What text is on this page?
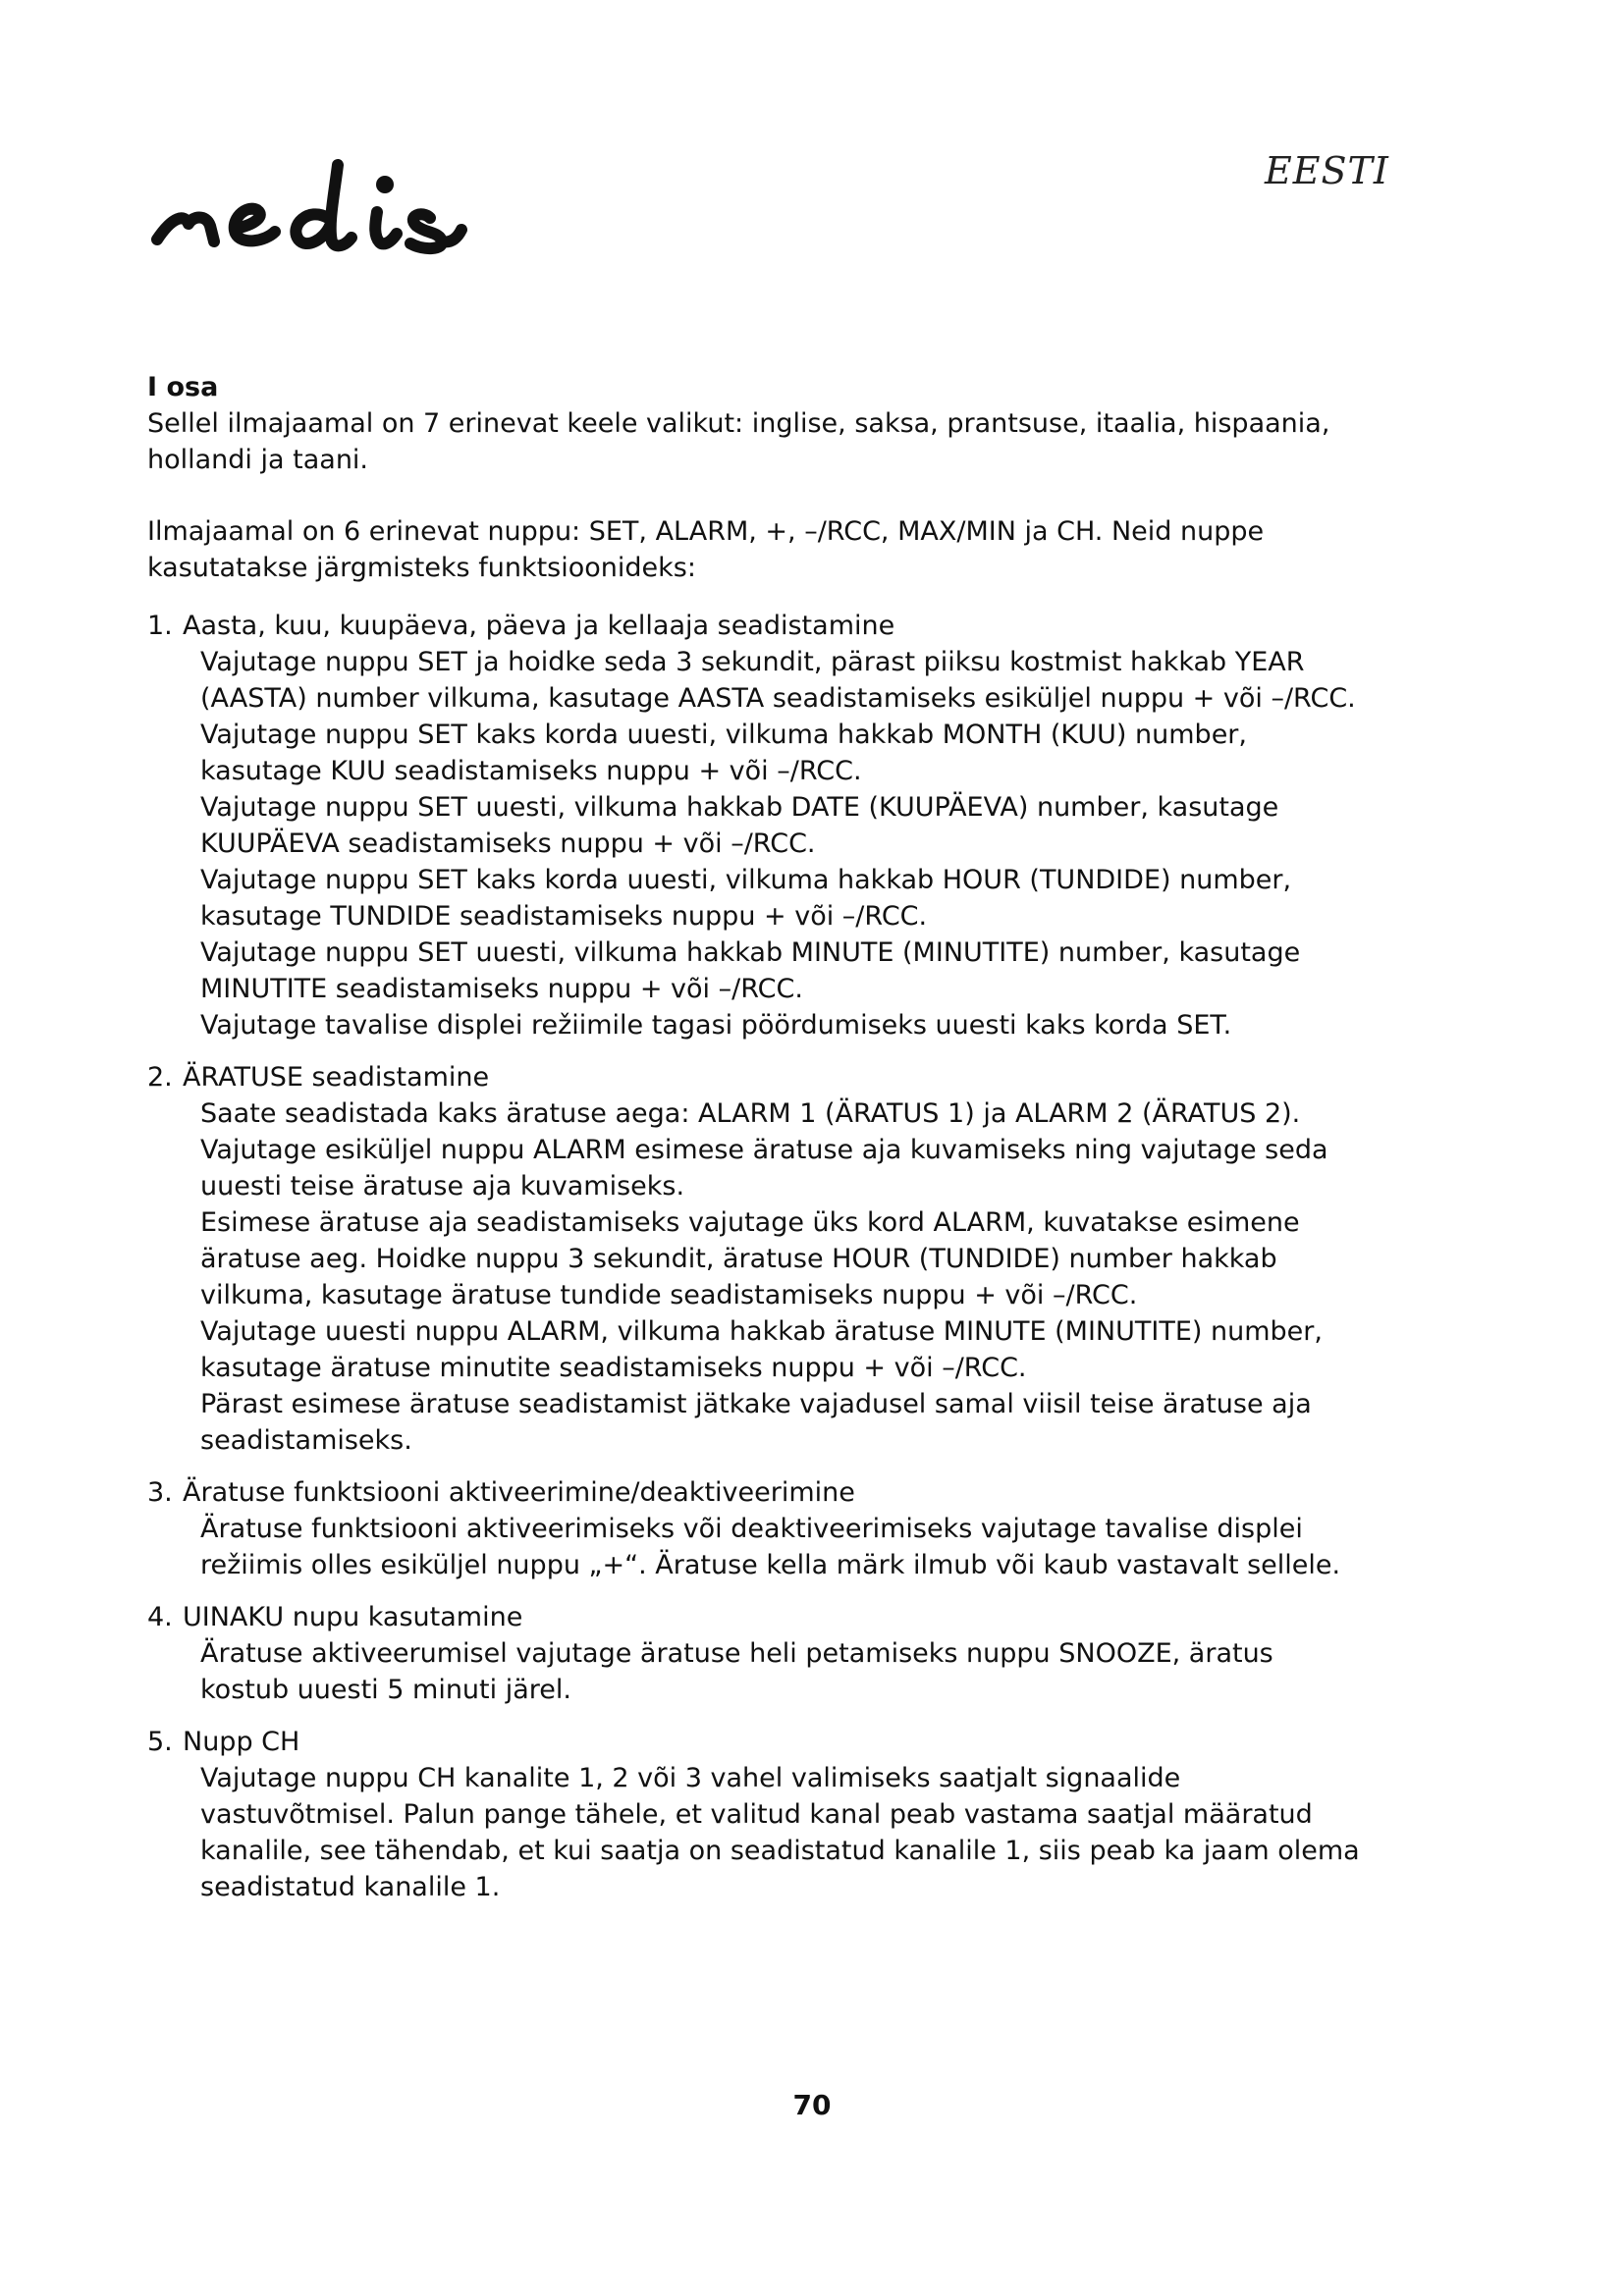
EESTI
I osa

Sellel ilmajaamal on 7 erinevat keele valikut: inglise, saksa, prantsuse, itaalia, hispaania, hollandi ja taani.

Ilmajaamal on 6 erinevat nuppu: SET, ALARM, +, –/RCC, MAX/MIN ja CH. Neid nuppe kasutatakse järgmisteks funktsioonideks:

1. Aasta, kuu, kuupäeva, päeva ja kellaaja seadistamine

Vajutage nuppu SET ja hoidke seda 3 sekundit, pärast piiksu kostmist hakkab YEAR (AASTA) number vilkuma, kasutage AASTA seadistamiseks esiküljel nuppu + või –/RCC.

Vajutage nuppu SET kaks korda uuesti, vilkuma hakkab MONTH (KUU) number, kasutage KUU seadistamiseks nuppu + või –/RCC.

Vajutage nuppu SET uuesti, vilkuma hakkab DATE (KUUPÄEVA) number, kasutage KUUPÄEVA seadistamiseks nuppu + või –/RCC.

Vajutage nuppu SET kaks korda uuesti, vilkuma hakkab HOUR (TUNDIDE) number, kasutage TUNDIDE seadistamiseks nuppu + või –/RCC.

Vajutage nuppu SET uuesti, vilkuma hakkab MINUTE (MINUTITE) number, kasutage MINUTITE seadistamiseks nuppu + või –/RCC.

Vajutage tavalise displei režiimile tagasi pöördumiseks uuesti kaks korda SET.

2. ÄRATUSE seadistamine

Saate seadistada kaks äratuse aega: ALARM 1 (ÄRATUS 1) ja ALARM 2 (ÄRATUS 2).

Vajutage esiküljel nuppu ALARM esimese äratuse aja kuvamiseks ning vajutage seda uuesti teise äratuse aja kuvamiseks.

Esimese äratuse aja seadistamiseks vajutage üks kord ALARM, kuvatakse esimene äratuse aeg. Hoidke nuppu 3 sekundit, äratuse HOUR (TUNDIDE) number hakkab vilkuma, kasutage äratuse tundide seadistamiseks nuppu + või –/RCC.

Vajutage uuesti nuppu ALARM, vilkuma hakkab äratuse MINUTE (MINUTITE) number, kasutage äratuse minutite seadistamiseks nuppu + või –/RCC.

Pärast esimese äratuse seadistamist jätkake vajadusel samal viisil teise äratuse aja seadistamiseks.

3. Äratuse funktsiooni aktiveerimine/deaktiveerimine

Äratuse funktsiooni aktiveerimiseks või deaktiveerimiseks vajutage tavalise displei režiimis olles esiküljel nuppu „+“. Äratuse kella märk ilmub või kaub vastavalt sellele.

4. UINAKU nupu kasutamine

Äratuse aktiveerumisel vajutage äratuse heli petamiseks nuppu SNOOZE, äratus kostub uuesti 5 minuti järel.

5. Nupp CH

Vajutage nuppu CH kanalite 1, 2 või 3 vahel valimiseks saatjalt signaalide vastuvõtmisel. Palun pange tähele, et valitud kanal peab vastama saatjal määratud kanalile, see tähendab, et kui saatja on seadistatud kanalile 1, siis peab ka jaam olema seadistatud kanalile 1.

70
